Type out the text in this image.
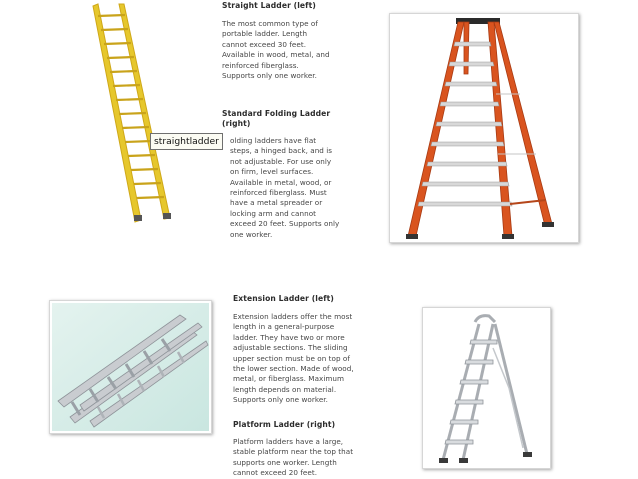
straightladder
Straight Ladder (left)
The most common type of
portable ladder. Length
cannot exceed 30 feet.
Available in wood, metal, and
reinforced fiberglass.
Supports only one worker.
Standard Folding Ladder
(right)
olding ladders have flat
steps, a hinged back, and is
not adjustable. For use only
on firm, level surfaces.
Available in metal, wood, or
reinforced fiberglass. Must
have a metal spreader or
locking arm and cannot
exceed 20 feet. Supports only
one worker.
Extension Ladder (left)
Extension ladders offer the most
length in a general-purpose
ladder. They have two or more
adjustable sections. The sliding
upper section must be on top of
the lower section. Made of wood,
metal, or fiberglass. Maximum
length depends on material.
Supports only one worker.
Platform Ladder (right)
Platform ladders have a large,
stable platform near the top that
supports one worker. Length
cannot exceed 20 feet.
